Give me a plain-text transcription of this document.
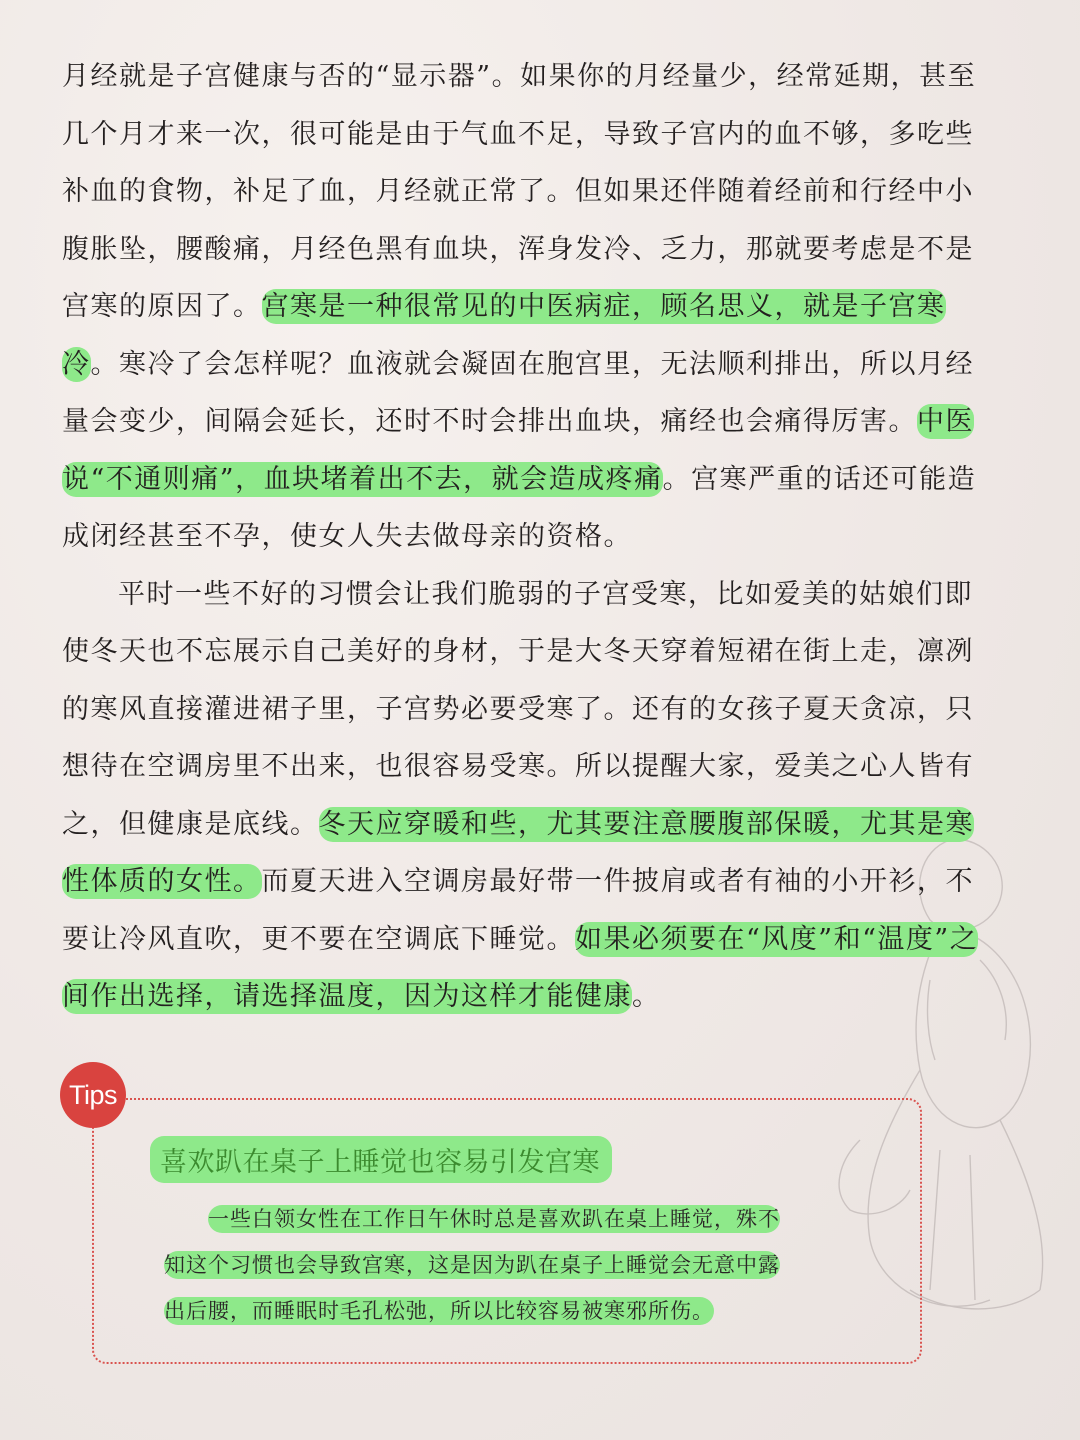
月经就是子宫健康与否的“显示器”。如果你的月经量少，经常延期，甚至几个月才来一次，很可能是由于气血不足，导致子宫内的血不够，多吃些补血的食物，补足了血，月经就正常了。但如果还伴随着经前和行经中小腹胀坠，腰酸痛，月经色黑有血块，浑身发冷、乏力，那就要考虑是不是宫寒的原因了。宫寒是一种很常见的中医病症，顾名思义，就是子宫寒冷。寒冷了会怎样呢？血液就会凝固在胞宫里，无法顺利排出，所以月经量会变少，间隔会延长，还时不时会排出血块，痛经也会痛得厉害。中医说“不通则痛”，血块堵着出不去，就会造成疼痛。宫寒严重的话还可能造成闭经甚至不孕，使女人失去做母亲的资格。

平时一些不好的习惯会让我们脆弱的子宫受寒，比如爱美的姑娘们即使冬天也不忘展示自己美好的身材，于是大冬天穿着短裙在街上走，凛冽的寒风直接灌进裙子里，子宫势必要受寒了。还有的女孩子夏天贪凉，只想待在空调房里不出来，也很容易受寒。所以提醒大家，爱美之心人皆有之，但健康是底线。冬天应穿暖和些，尤其要注意腰腹部保暖，尤其是寒性体质的女性。而夏天进入空调房最好带一件披肩或者有袖的小开衫，不要让冷风直吹，更不要在空调底下睡觉。如果必须要在“风度”和“温度”之间作出选择，请选择温度，因为这样才能健康。

Tips
喜欢趴在桌子上睡觉也容易引发宫寒
一些白领女性在工作日午休时总是喜欢趴在桌上睡觉，殊不
知这个习惯也会导致宫寒，这是因为趴在桌子上睡觉会无意中露
出后腰，而睡眠时毛孔松弛，所以比较容易被寒邪所伤。
